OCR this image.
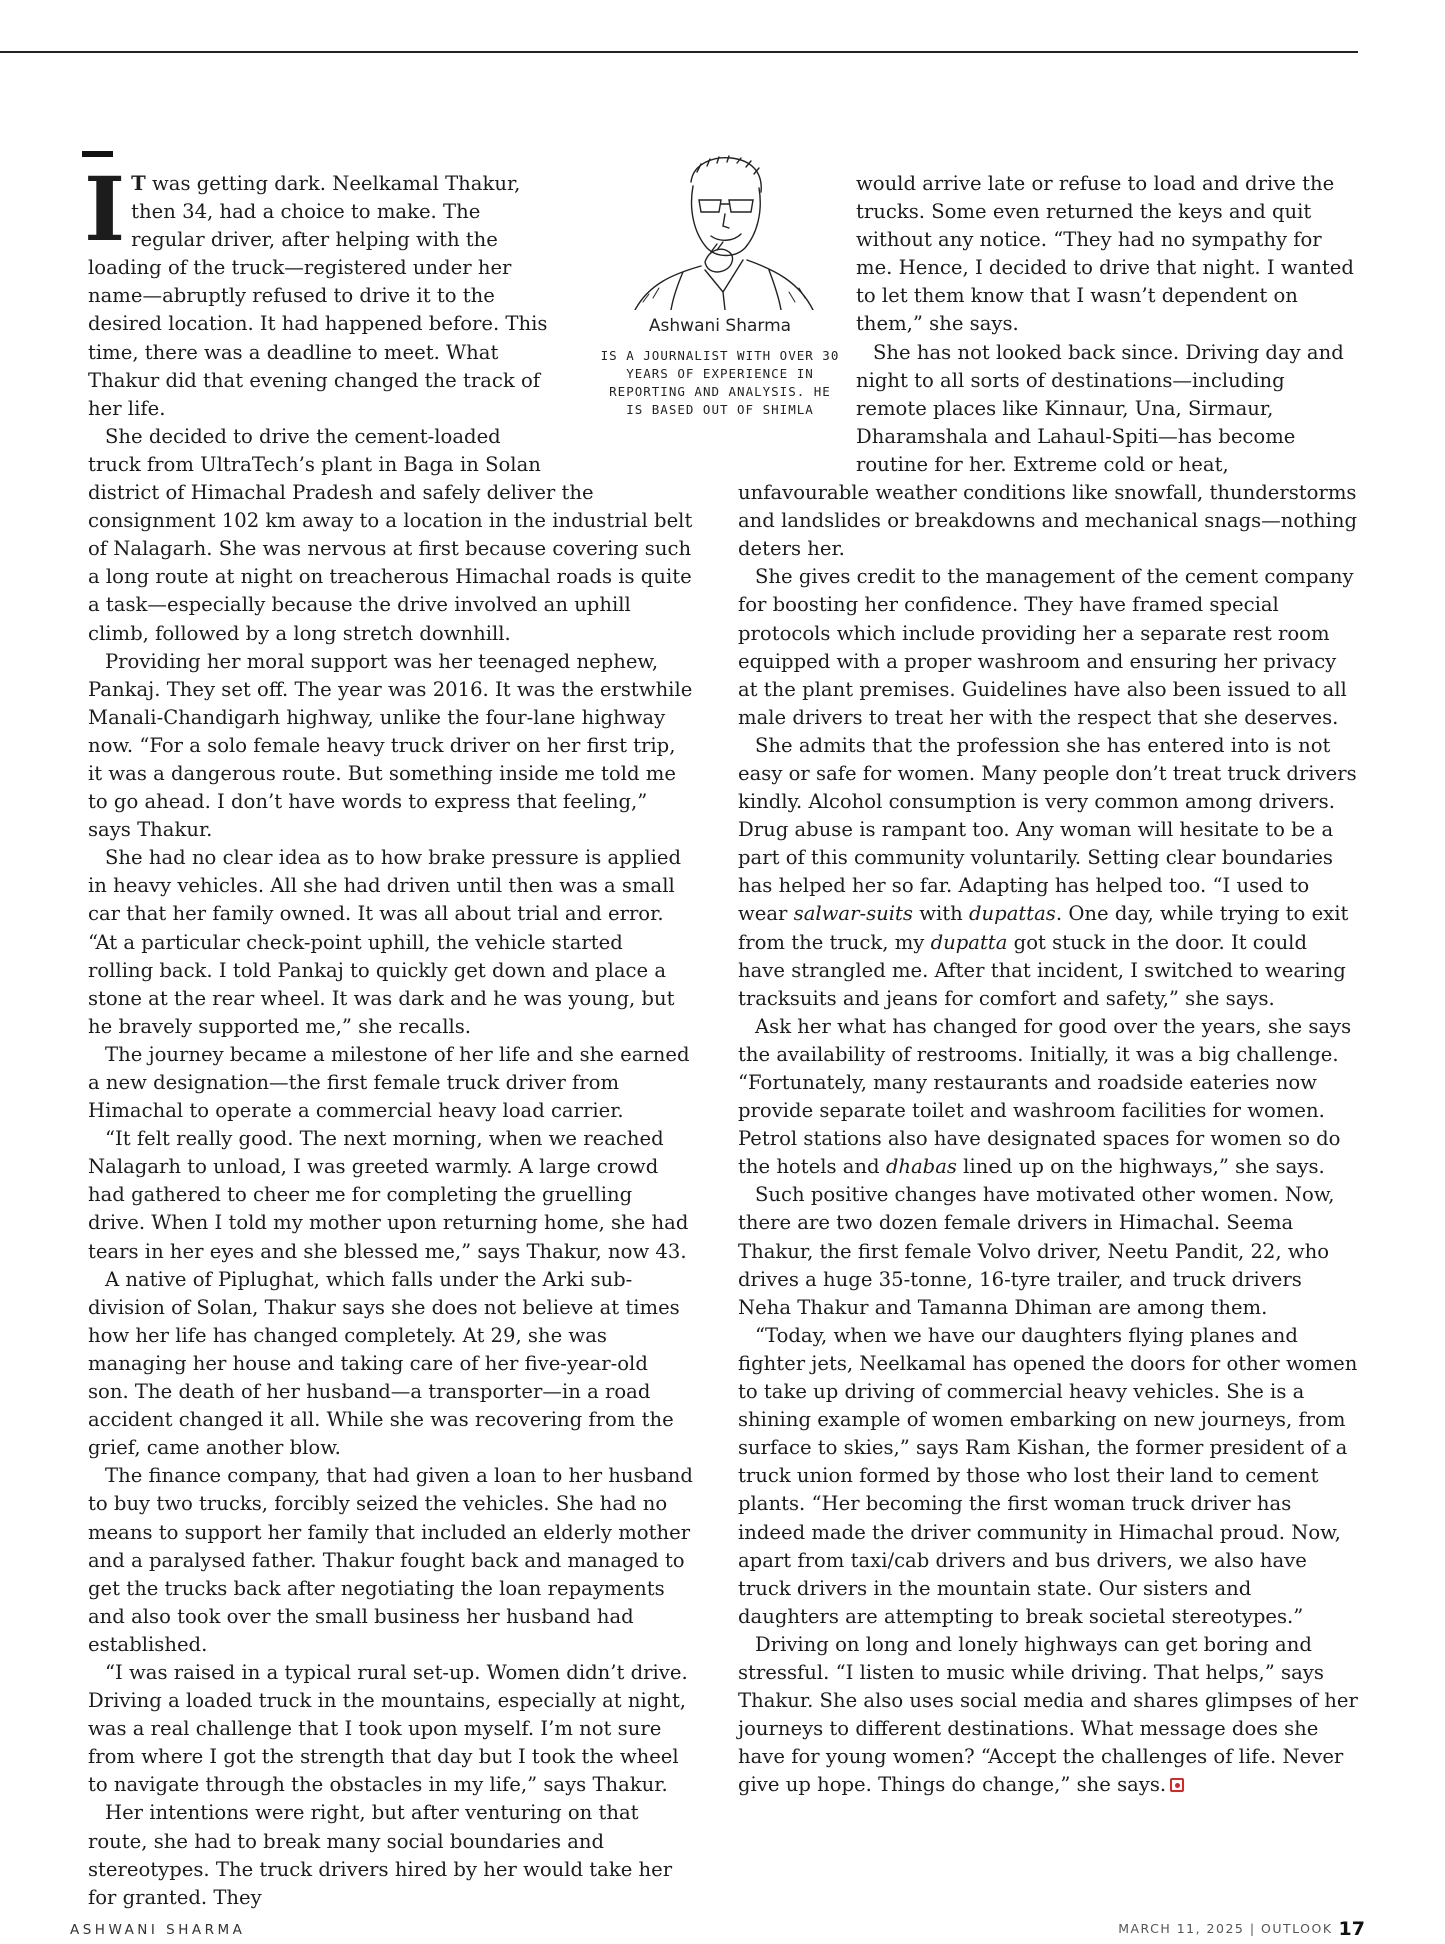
Ashwani Sharma
IS A JOURNALIST WITH OVER 30 YEARS OF EXPERIENCE IN REPORTING AND ANALYSIS. HE IS BASED OUT OF SHIMLA

I T was getting dark. Neelkamal Thakur, then 34, had a choice to make. The regular driver, after helping with the loading of the truck—registered under her name—abruptly refused to drive it to the desired location. It had happened before. This time, there was a deadline to meet. What Thakur did that evening changed the track of her life.

She decided to drive the cement-loaded truck from UltraTech’s plant in Baga in Solan district of Himachal Pradesh and safely deliver the consignment 102 km away to a location in the industrial belt of Nalagarh. She was nervous at first because covering such a long route at night on treacherous Himachal roads is quite a task—especially because the drive involved an uphill climb, followed by a long stretch downhill.

Providing her moral support was her teenaged nephew, Pankaj. They set off. The year was 2016. It was the erstwhile Manali-Chandigarh highway, unlike the four-lane highway now. “For a solo female heavy truck driver on her first trip, it was a dangerous route. But something inside me told me to go ahead. I don’t have words to express that feeling,” says Thakur.

She had no clear idea as to how brake pressure is applied in heavy vehicles. All she had driven until then was a small car that her family owned. It was all about trial and error. “At a particular check-point uphill, the vehicle started rolling back. I told Pankaj to quickly get down and place a stone at the rear wheel. It was dark and he was young, but he bravely supported me,” she recalls.

The journey became a milestone of her life and she earned a new designation—the first female truck driver from Himachal to operate a commercial heavy load carrier.

“It felt really good. The next morning, when we reached Nalagarh to unload, I was greeted warmly. A large crowd had gathered to cheer me for completing the gruelling drive. When I told my mother upon returning home, she had tears in her eyes and she blessed me,” says Thakur, now 43.

A native of Piplughat, which falls under the Arki sub-division of Solan, Thakur says she does not believe at times how her life has changed completely. At 29, she was managing her house and taking care of her five-year-old son. The death of her husband—a transporter—in a road accident changed it all. While she was recovering from the grief, came another blow.

The finance company, that had given a loan to her husband to buy two trucks, forcibly seized the vehicles. She had no means to support her family that included an elderly mother and a paralysed father. Thakur fought back and managed to get the trucks back after negotiating the loan repayments and also took over the small business her husband had established.

“I was raised in a typical rural set-up. Women didn’t drive. Driving a loaded truck in the mountains, especially at night, was a real challenge that I took upon myself. I’m not sure from where I got the strength that day but I took the wheel to navigate through the obstacles in my life,” says Thakur.

Her intentions were right, but after venturing on that route, she had to break many social boundaries and stereotypes. The truck drivers hired by her would take her for granted. They

would arrive late or refuse to load and drive the trucks. Some even returned the keys and quit without any notice. “They had no sympathy for me. Hence, I decided to drive that night. I wanted to let them know that I wasn’t dependent on them,” she says.

She has not looked back since. Driving day and night to all sorts of destinations—including remote places like Kinnaur, Una, Sirmaur, Dharamshala and Lahaul-Spiti—has become routine for her. Extreme cold or heat, unfavourable weather conditions like snowfall, thunderstorms and landslides or breakdowns and mechanical snags—nothing deters her.

She gives credit to the management of the cement company for boosting her confidence. They have framed special protocols which include providing her a separate rest room equipped with a proper washroom and ensuring her privacy at the plant premises. Guidelines have also been issued to all male drivers to treat her with the respect that she deserves.

She admits that the profession she has entered into is not easy or safe for women. Many people don’t treat truck drivers kindly. Alcohol consumption is very common among drivers. Drug abuse is rampant too. Any woman will hesitate to be a part of this community voluntarily. Setting clear boundaries has helped her so far. Adapting has helped too. “I used to wear salwar-suits with dupattas. One day, while trying to exit from the truck, my dupatta got stuck in the door. It could have strangled me. After that incident, I switched to wearing tracksuits and jeans for comfort and safety,” she says.

Ask her what has changed for good over the years, she says the availability of restrooms. Initially, it was a big challenge. “Fortunately, many restaurants and roadside eateries now provide separate toilet and washroom facilities for women. Petrol stations also have designated spaces for women so do the hotels and dhabas lined up on the highways,” she says.

Such positive changes have motivated other women. Now, there are two dozen female drivers in Himachal. Seema Thakur, the first female Volvo driver, Neetu Pandit, 22, who drives a huge 35-tonne, 16-tyre trailer, and truck drivers Neha Thakur and Tamanna Dhiman are among them.

“Today, when we have our daughters flying planes and fighter jets, Neelkamal has opened the doors for other women to take up driving of commercial heavy vehicles. She is a shining example of women embarking on new journeys, from surface to skies,” says Ram Kishan, the former president of a truck union formed by those who lost their land to cement plants. “Her becoming the first woman truck driver has indeed made the driver community in Himachal proud. Now, apart from taxi/cab drivers and bus drivers, we also have truck drivers in the mountain state. Our sisters and daughters are attempting to break societal stereotypes.”

Driving on long and lonely highways can get boring and stressful. “I listen to music while driving. That helps,” says Thakur. She also uses social media and shares glimpses of her journeys to different destinations. What message does she have for young women? “Accept the challenges of life. Never give up hope. Things do change,” she says.

ASHWANI SHARMA	MARCH 11, 2025 | OUTLOOK 17
